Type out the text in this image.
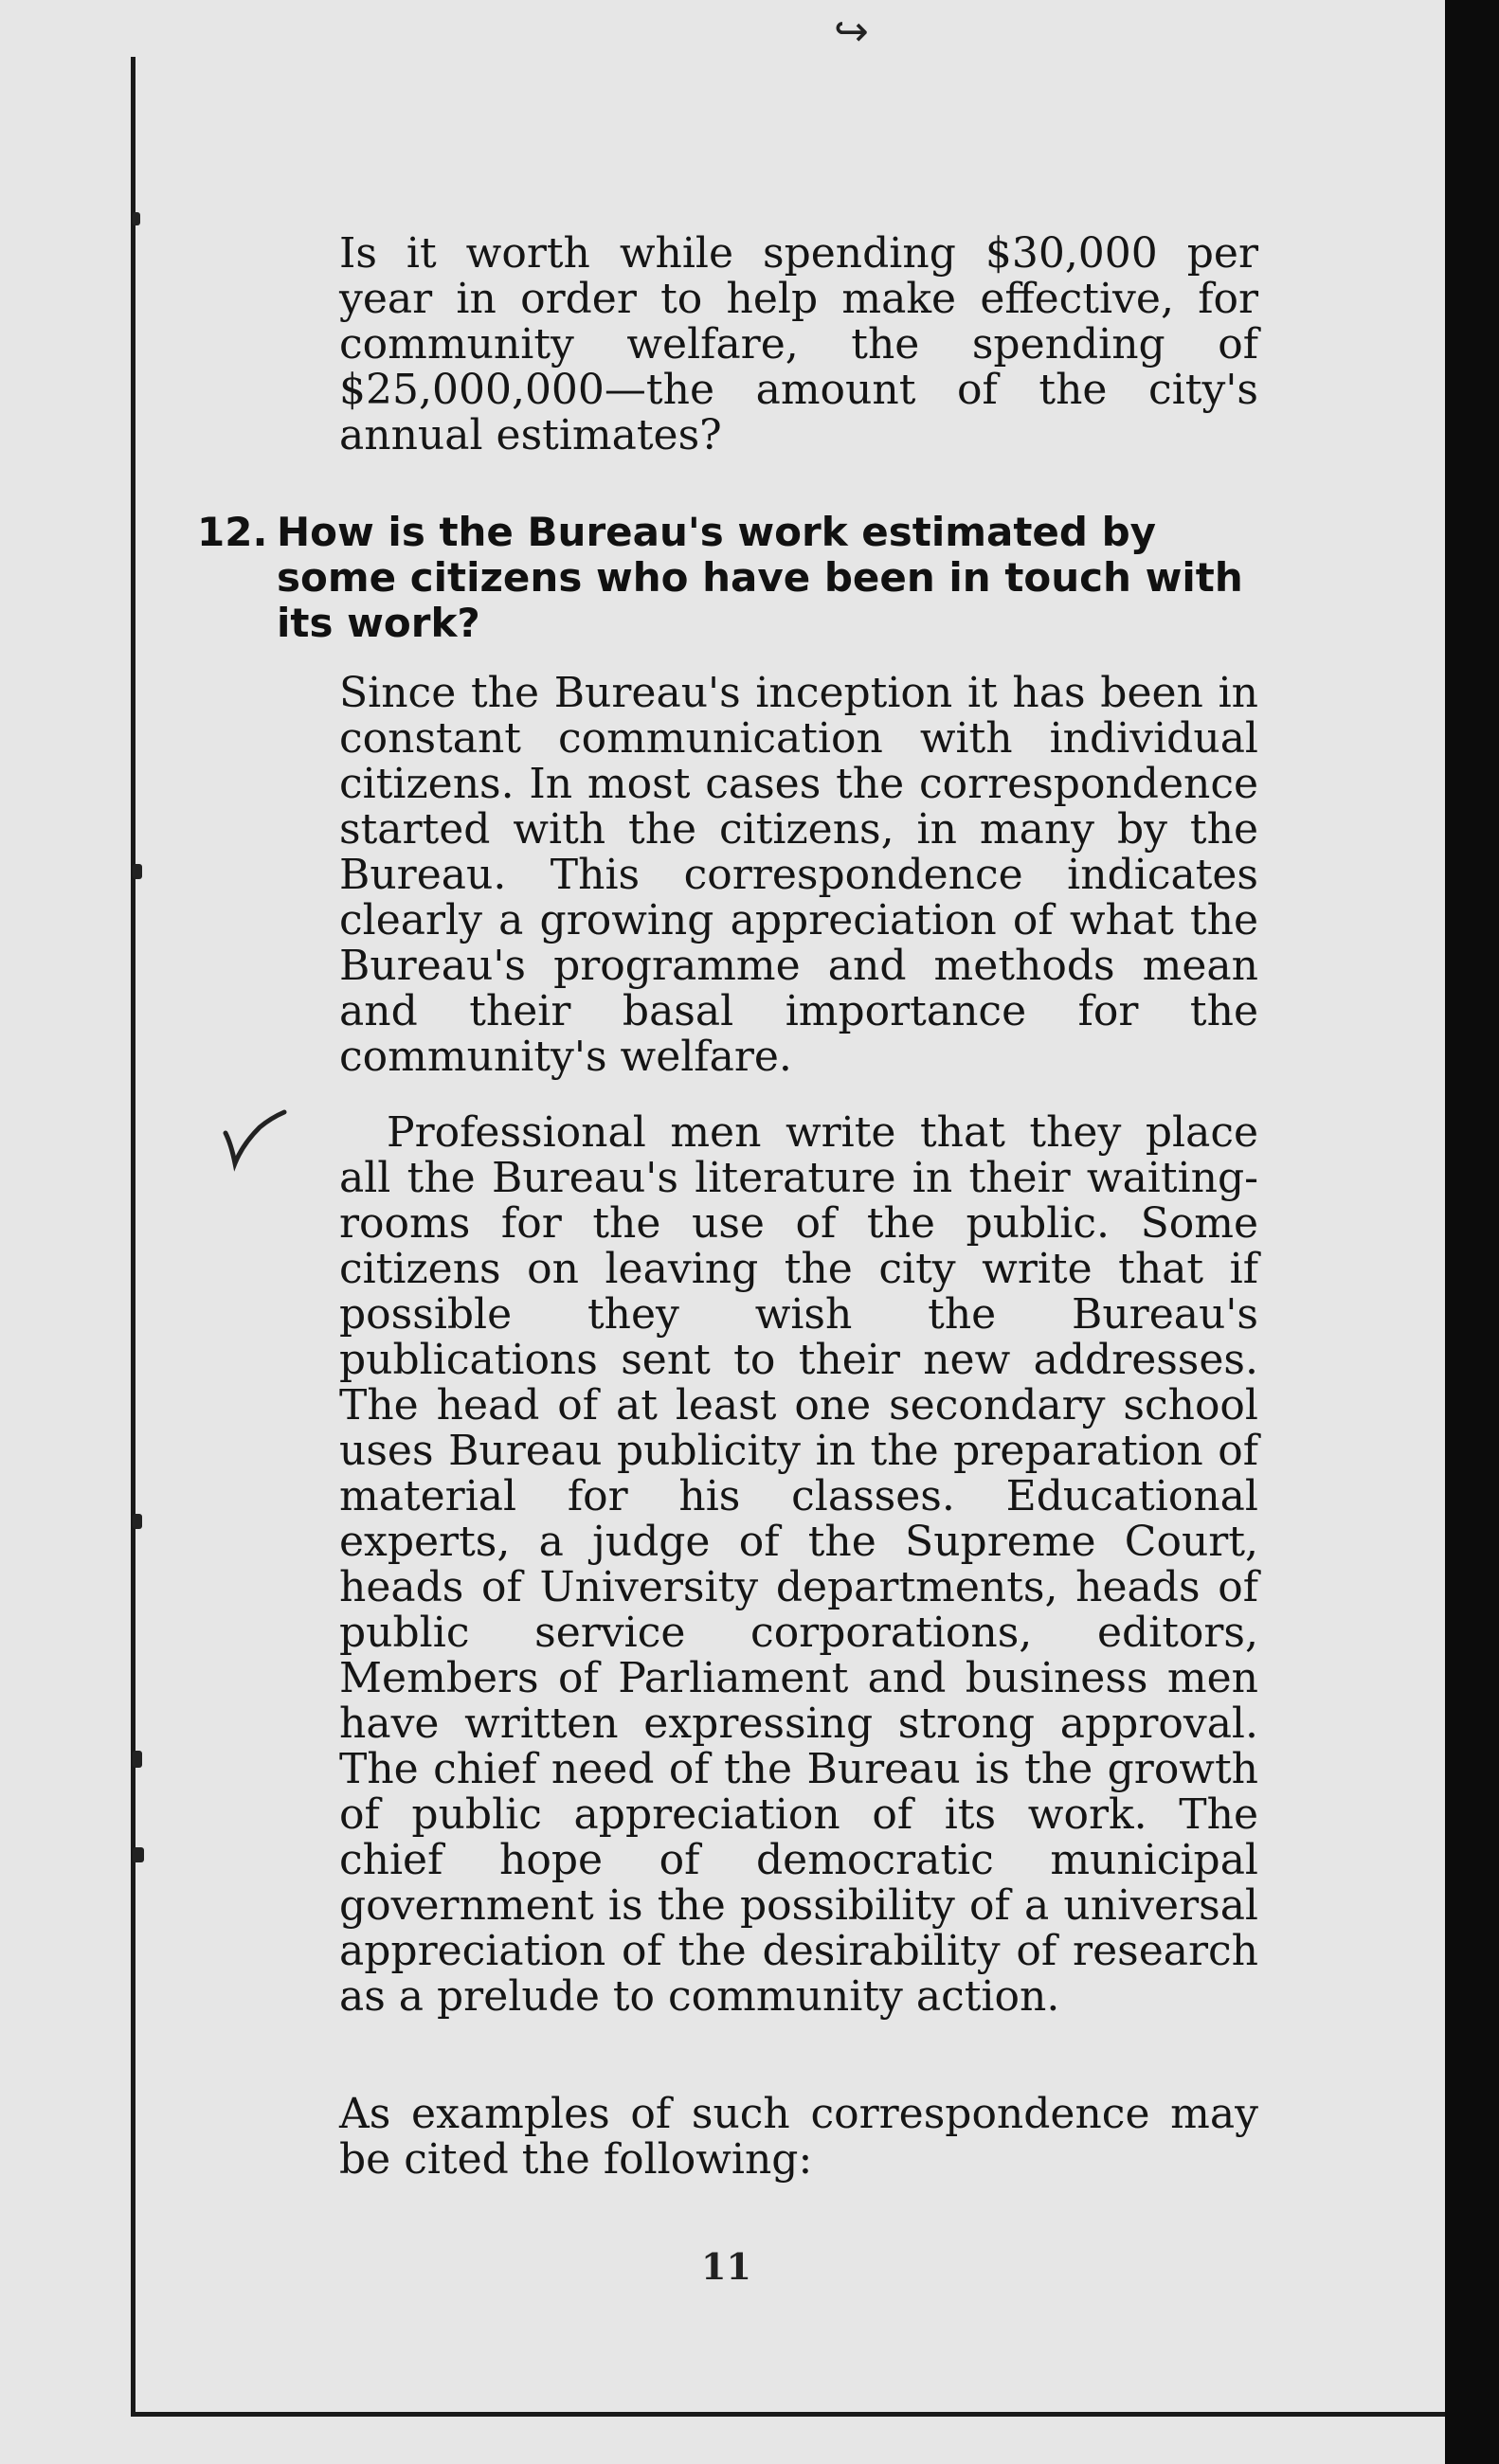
↪

Is it worth while spending $30,000 per year in order to help make effective, for community welfare, the spending of $25,000,000—the amount of the city's annual estimates?

12. How is the Bureau's work estimated by some citizens who have been in touch with its work?

Since the Bureau's inception it has been in constant communication with individual citizens. In most cases the correspondence started with the citizens, in many by the Bureau. This correspondence indicates clearly a growing appreciation of what the Bureau's programme and methods mean and their basal importance for the community's welfare.

Professional men write that they place all the Bureau's literature in their waiting-rooms for the use of the public. Some citizens on leaving the city write that if possible they wish the Bureau's publications sent to their new addresses. The head of at least one secondary school uses Bureau publicity in the preparation of material for his classes. Educational experts, a judge of the Supreme Court, heads of University departments, heads of public service corporations, editors, Members of Parliament and business men have written expressing strong approval. The chief need of the Bureau is the growth of public appreciation of its work. The chief hope of democratic municipal government is the possibility of a universal appreciation of the desirability of research as a prelude to community action.

As examples of such correspondence may be cited the following:

11
